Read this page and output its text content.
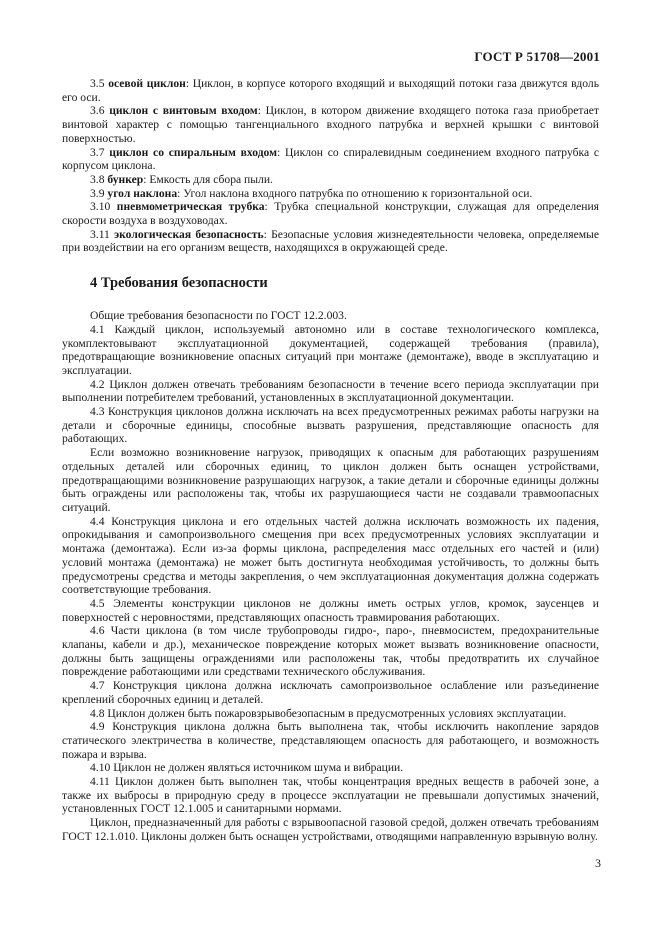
ГОСТ Р 51708—2001

3.5 осевой циклон: Циклон, в корпусе которого входящий и выходящий потоки газа движутся вдоль его оси.

3.6 циклон с винтовым входом: Циклон, в котором движение входящего потока газа приобретает винтовой характер с помощью тангенциального входного патрубка и верхней крышки с винтовой поверхностью.

3.7 циклон со спиральным входом: Циклон со спиралевидным соединением входного патрубка с корпусом циклона.

3.8 бункер: Емкость для сбора пыли.

3.9 угол наклона: Угол наклона входного патрубка по отношению к горизонтальной оси.

3.10 пневмометрическая трубка: Трубка специальной конструкции, служащая для определения скорости воздуха в воздуховодах.

3.11 экологическая безопасность: Безопасные условия жизнедеятельности человека, определяемые при воздействии на его организм веществ, находящихся в окружающей среде.

4 Требования безопасности

Общие требования безопасности по ГОСТ 12.2.003.

4.1 Каждый циклон, используемый автономно или в составе технологического комплекса, укомплектовывают эксплуатационной документацией, содержащей требования (правила), предотвращающие возникновение опасных ситуаций при монтаже (демонтаже), вводе в эксплуатацию и эксплуатации.

4.2 Циклон должен отвечать требованиям безопасности в течение всего периода эксплуатации при выполнении потребителем требований, установленных в эксплуатационной документации.

4.3 Конструкция циклонов должна исключать на всех предусмотренных режимах работы нагрузки на детали и сборочные единицы, способные вызвать разрушения, представляющие опасность для работающих.

Если возможно возникновение нагрузок, приводящих к опасным для работающих разрушениям отдельных деталей или сборочных единиц, то циклон должен быть оснащен устройствами, предотвращающими возникновение разрушающих нагрузок, а такие детали и сборочные единицы должны быть ограждены или расположены так, чтобы их разрушающиеся части не создавали травмоопасных ситуаций.

4.4 Конструкция циклона и его отдельных частей должна исключать возможность их падения, опрокидывания и самопроизвольного смещения при всех предусмотренных условиях эксплуатации и монтажа (демонтажа). Если из-за формы циклона, распределения масс отдельных его частей и (или) условий монтажа (демонтажа) не может быть достигнута необходимая устойчивость, то должны быть предусмотрены средства и методы закрепления, о чем эксплуатационная документация должна содержать соответствующие требования.

4.5 Элементы конструкции циклонов не должны иметь острых углов, кромок, заусенцев и поверхностей с неровностями, представляющих опасность травмирования работающих.

4.6 Части циклона (в том числе трубопроводы гидро-, паро-, пневмосистем, предохранительные клапаны, кабели и др.), механическое повреждение которых может вызвать возникновение опасности, должны быть защищены ограждениями или расположены так, чтобы предотвратить их случайное повреждение работающими или средствами технического обслуживания.

4.7 Конструкция циклона должна исключать самопроизвольное ослабление или разъединение креплений сборочных единиц и деталей.

4.8 Циклон должен быть пожаровзрывобезопасным в предусмотренных условиях эксплуатации.

4.9 Конструкция циклона должна быть выполнена так, чтобы исключить накопление зарядов статического электричества в количестве, представляющем опасность для работающего, и возможность пожара и взрыва.

4.10 Циклон не должен являться источником шума и вибрации.

4.11 Циклон должен быть выполнен так, чтобы концентрация вредных веществ в рабочей зоне, а также их выбросы в природную среду в процессе эксплуатации не превышали допустимых значений, установленных ГОСТ 12.1.005 и санитарными нормами.

Циклон, предназначенный для работы с взрывоопасной газовой средой, должен отвечать требованиям ГОСТ 12.1.010. Циклоны должен быть оснащен устройствами, отводящими направленную взрывную волну.

3
